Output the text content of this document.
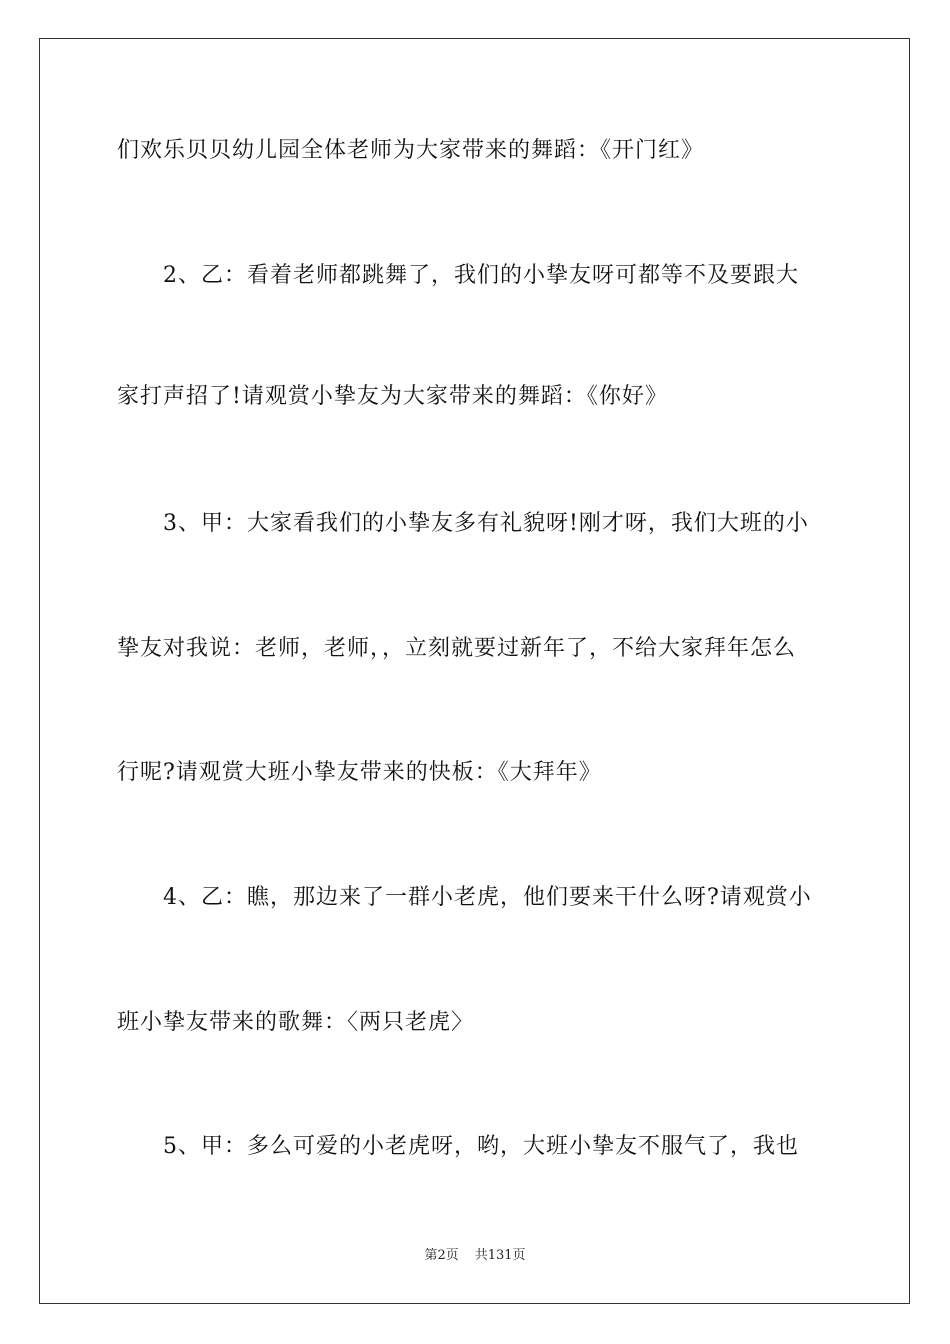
们欢乐贝贝幼儿园全体老师为大家带来的舞蹈：《开门红》
2、乙：看着老师都跳舞了，我们的小挚友呀可都等不及要跟大
家打声招了!请观赏小挚友为大家带来的舞蹈：《你好》
3、甲：大家看我们的小挚友多有礼貌呀!刚才呀，我们大班的小
挚友对我说：老师，老师，，立刻就要过新年了，不给大家拜年怎么
行呢?请观赏大班小挚友带来的快板：《大拜年》
4、乙：瞧，那边来了一群小老虎，他们要来干什么呀?请观赏小
班小挚友带来的歌舞：〈两只老虎〉
5、甲：多么可爱的小老虎呀，哟，大班小挚友不服气了，我也
第2页 共131页
